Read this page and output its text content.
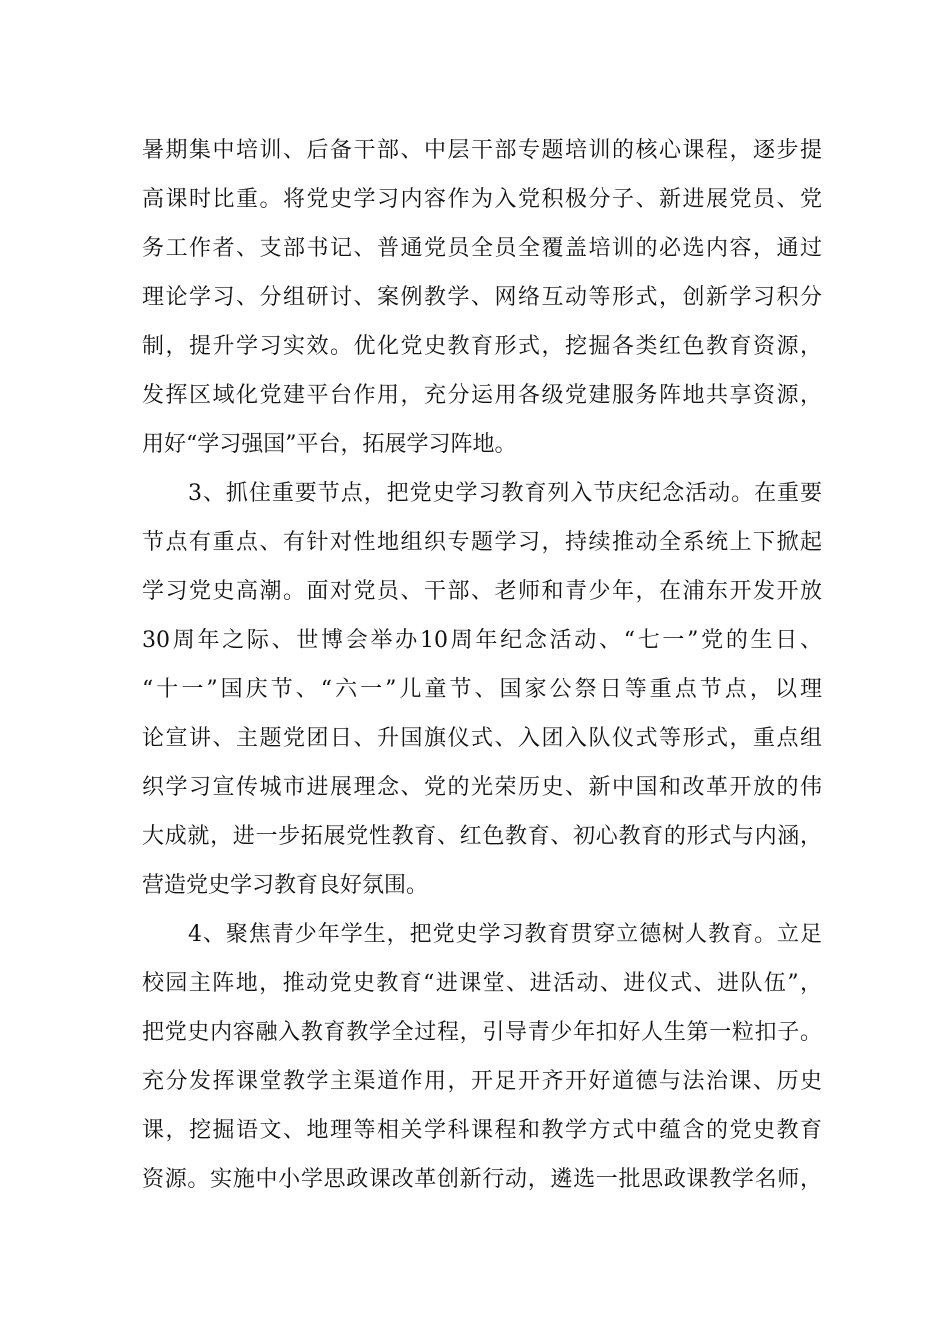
暑期集中培训、后备干部、中层干部专题培训的核心课程，逐步提
高课时比重。将党史学习内容作为入党积极分子、新进展党员、党
务工作者、支部书记、普通党员全员全覆盖培训的必选内容，通过
理论学习、分组研讨、案例教学、网络互动等形式，创新学习积分
制，提升学习实效。优化党史教育形式，挖掘各类红色教育资源，
发挥区域化党建平台作用，充分运用各级党建服务阵地共享资源，
用好“学习强国”平台，拓展学习阵地。
3、抓住重要节点，把党史学习教育列入节庆纪念活动。在重要
节点有重点、有针对性地组织专题学习，持续推动全系统上下掀起
学习党史高潮。面对党员、干部、老师和青少年，在浦东开发开放
30周年之际、世博会举办10周年纪念活动、“七一”党的生日、
“十一”国庆节、“六一”儿童节、国家公祭日等重点节点，以理
论宣讲、主题党团日、升国旗仪式、入团入队仪式等形式，重点组
织学习宣传城市进展理念、党的光荣历史、新中国和改革开放的伟
大成就，进一步拓展党性教育、红色教育、初心教育的形式与内涵，
营造党史学习教育良好氛围。
4、聚焦青少年学生，把党史学习教育贯穿立德树人教育。立足
校园主阵地，推动党史教育“进课堂、进活动、进仪式、进队伍”，
把党史内容融入教育教学全过程，引导青少年扣好人生第一粒扣子。
充分发挥课堂教学主渠道作用，开足开齐开好道德与法治课、历史
课，挖掘语文、地理等相关学科课程和教学方式中蕴含的党史教育
资源。实施中小学思政课改革创新行动，遴选一批思政课教学名师，
